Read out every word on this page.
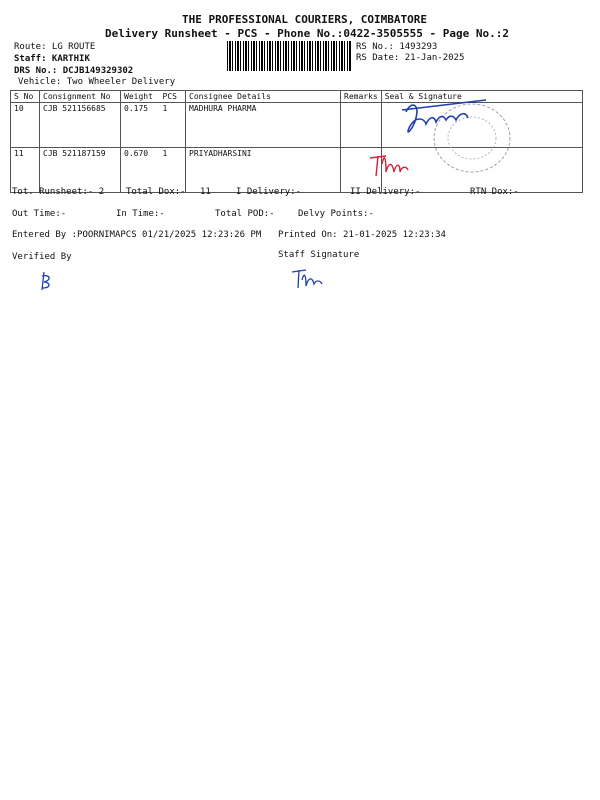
THE PROFESSIONAL COURIERS, COIMBATORE
Delivery Runsheet - PCS - Phone No.:0422-3505555 - Page No.:2
Route: LG ROUTE
Staff: KARTHIK
DRS No.: DCJB149329302
Vehicle: Two Wheeler Delivery
RS No.: 1493293
RS Date: 21-Jan-2025
S No	Consignment No	Weight PCS	Consignee Details	Remarks	Seal & Signature
10	CJB 521156685	0.175 1	MADHURA PHARMA		
11	CJB 521187159	0.670 1	PRIYADHARSINI		
Tot. Runsheet:- 2 Total Dox:- 11	I Delivery:-	II Delivery:-	RTN Dox:-
Out Time:-	In Time:-	Total POD:-	Delvy Points:-
Entered By :POORNIMAPCS 01/21/2025 12:23:26 PM Printed On: 21-01-2025 12:23:34
Verified By	Staff Signature
